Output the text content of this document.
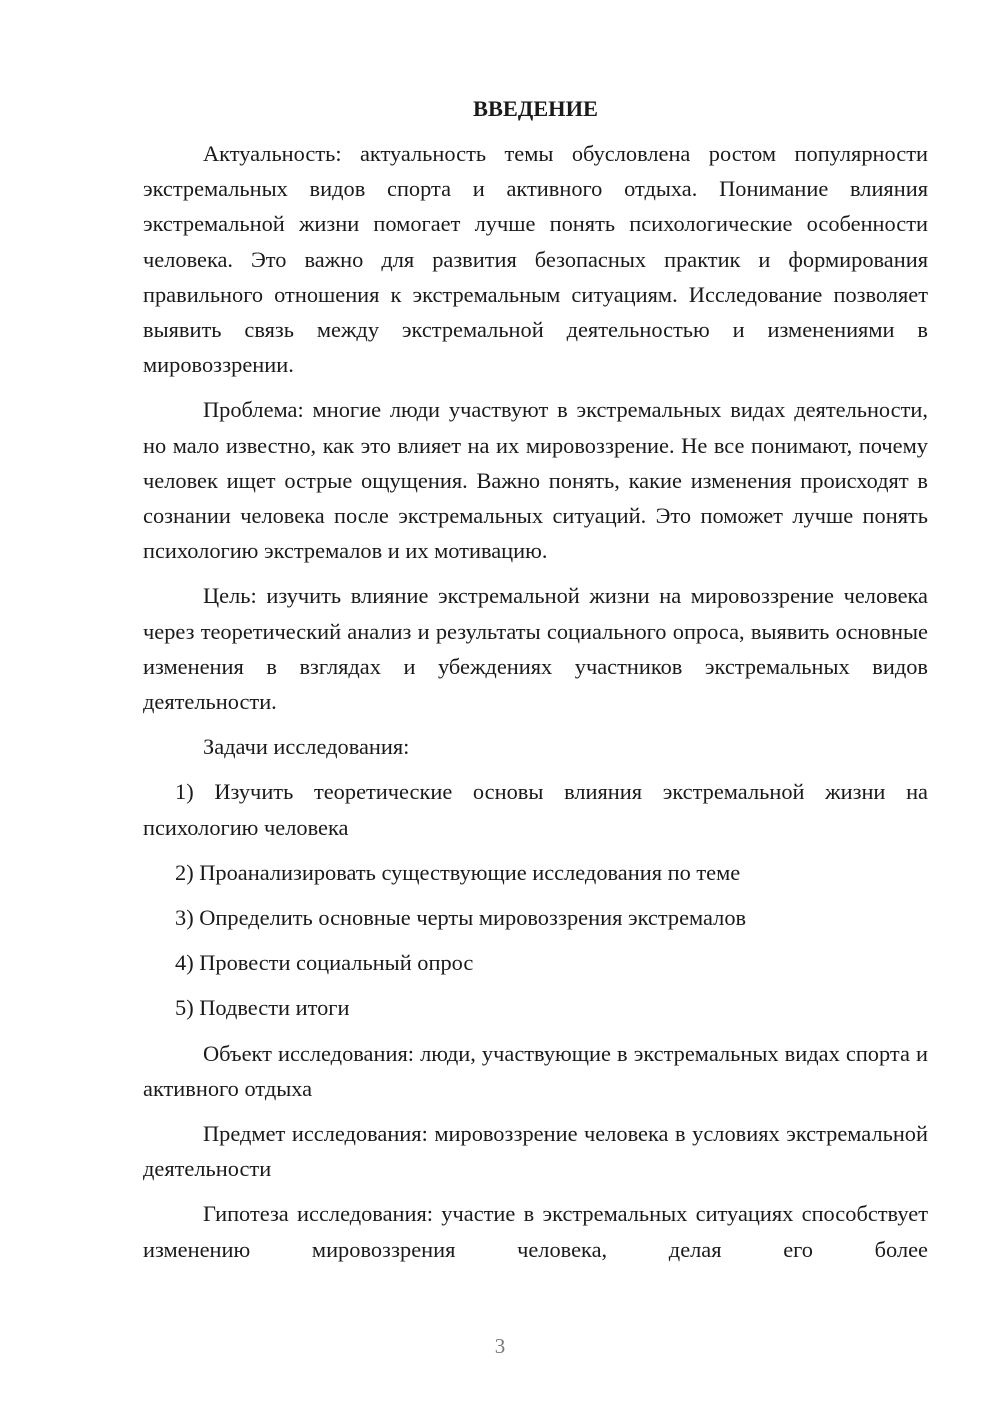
ВВЕДЕНИЕ
Актуальность: актуальность темы обусловлена ростом популярности экстремальных видов спорта и активного отдыха. Понимание влияния экстремальной жизни помогает лучше понять психологические особенности человека. Это важно для развития безопасных практик и формирования правильного отношения к экстремальным ситуациям. Исследование позволяет выявить связь между экстремальной деятельностью и изменениями в мировоззрении.
Проблема: многие люди участвуют в экстремальных видах деятельности, но мало известно, как это влияет на их мировоззрение. Не все понимают, почему человек ищет острые ощущения. Важно понять, какие изменения происходят в сознании человека после экстремальных ситуаций. Это поможет лучше понять психологию экстремалов и их мотивацию.
Цель: изучить влияние экстремальной жизни на мировоззрение человека через теоретический анализ и результаты социального опроса, выявить основные изменения в взглядах и убеждениях участников экстремальных видов деятельности.
Задачи исследования:
1) Изучить теоретические основы влияния экстремальной жизни на психологию человека
2) Проанализировать существующие исследования по теме
3) Определить основные черты мировоззрения экстремалов
4) Провести социальный опрос
5) Подвести итоги
Объект исследования: люди, участвующие в экстремальных видах спорта и активного отдыха
Предмет исследования: мировоззрение человека в условиях экстремальной деятельности
Гипотеза исследования: участие в экстремальных ситуациях способствует изменению мировоззрения человека, делая его более
3
